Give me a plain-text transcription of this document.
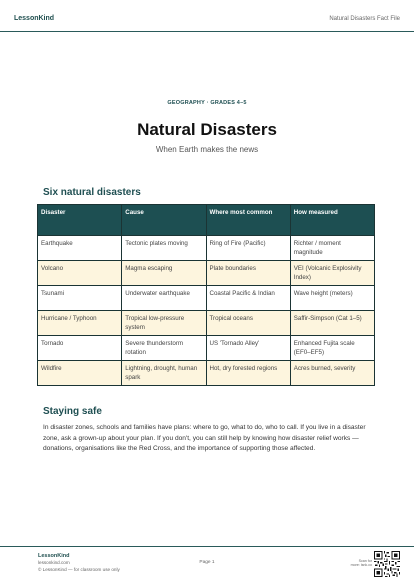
LessonKind	Natural Disasters Fact File
GEOGRAPHY · GRADES 4–5
Natural Disasters
When Earth makes the news
Six natural disasters
Disaster	Cause	Where most common	How measured
Earthquake	Tectonic plates moving	Ring of Fire (Pacific)	Richter / moment magnitude
Volcano	Magma escaping	Plate boundaries	VEI (Volcanic Explosivity Index)
Tsunami	Underwater earthquake	Coastal Pacific & Indian	Wave height (meters)
Hurricane / Typhoon	Tropical low-pressure system	Tropical oceans	Saffir-Simpson (Cat 1–5)
Tornado	Severe thunderstorm rotation	US 'Tornado Alley'	Enhanced Fujita scale (EF0–EF5)
Wildfire	Lightning, drought, human spark	Hot, dry forested regions	Acres burned, severity
Staying safe

In disaster zones, schools and families have plans: where to go, what to do, who to call. If you live in a disaster zone, ask a grown-up about your plan. If you don't, you can still help by knowing how disaster relief works — donations, organisations like the Red Cross, and the importance of supporting those affected.

LessonKind
lessonkind.com
© LessonKind — for classroom use only
Page 1	Scan for
more: lsnk.co
